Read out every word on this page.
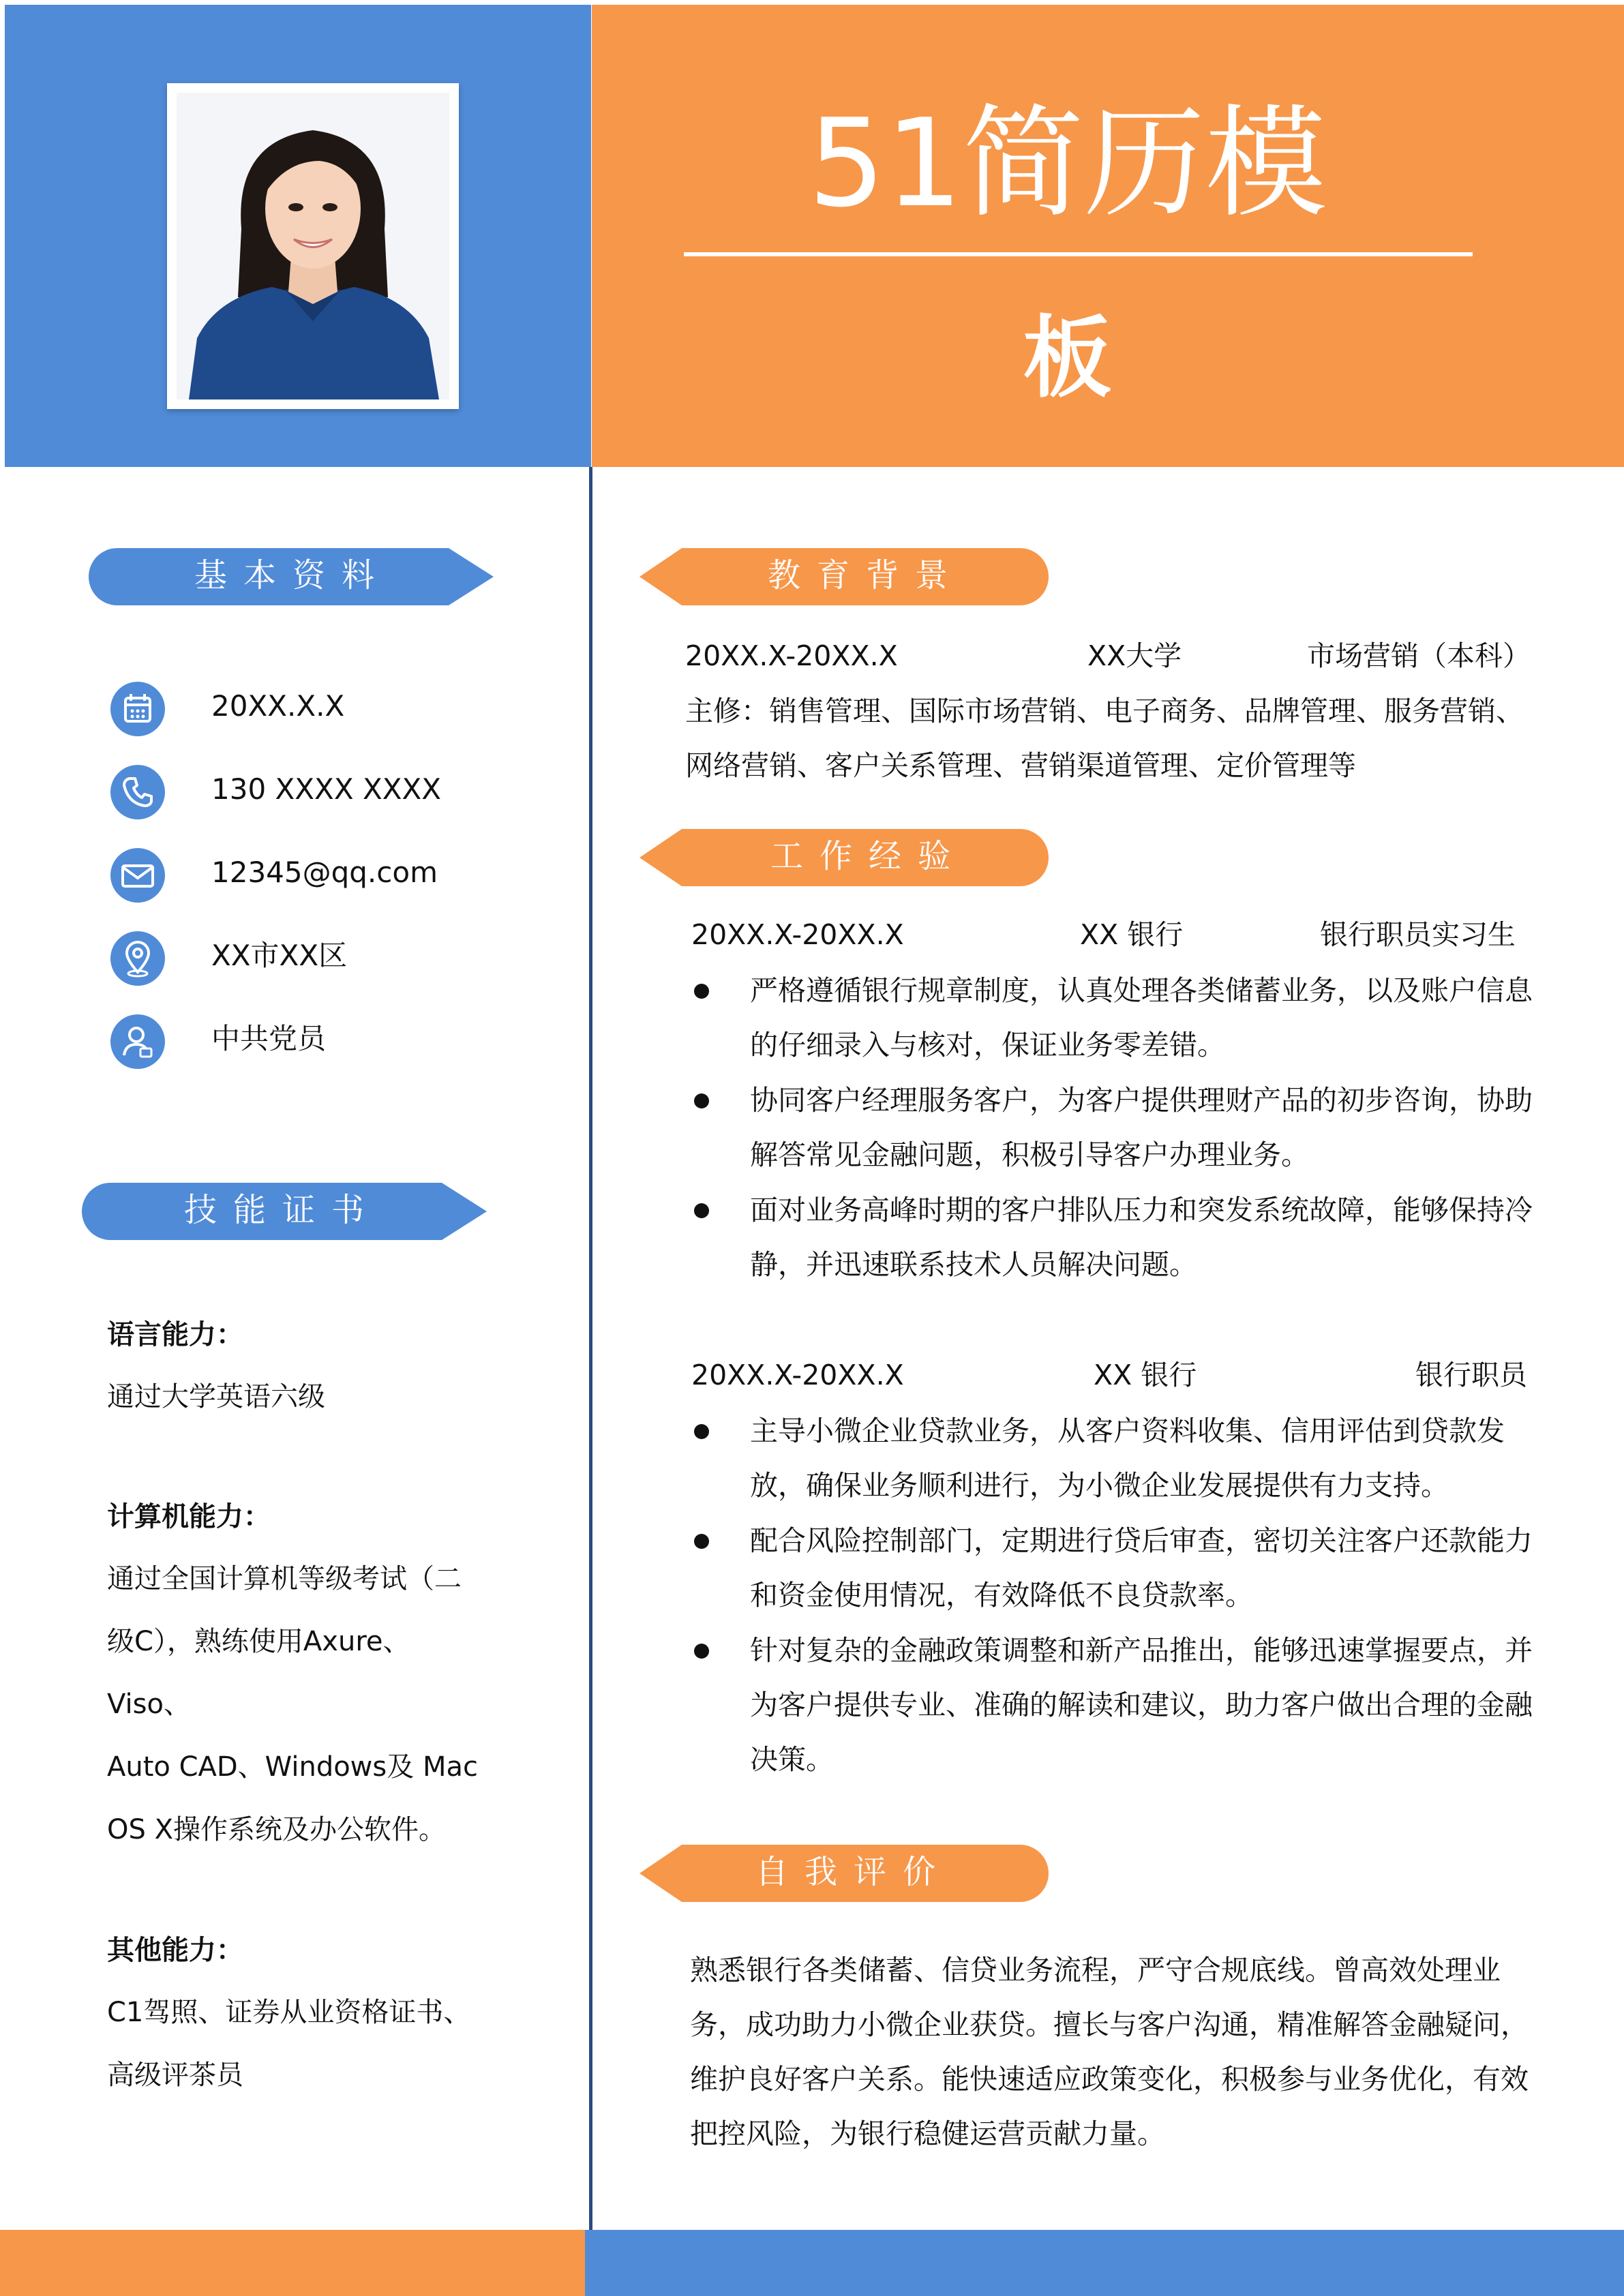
51简历模
板
基本资料
20XX.X.X
130 XXXX XXXX
12345@qq.com
XX市XX区
中共党员
技能证书
语言能力：
通过大学英语六级
计算机能力：
通过全国计算机等级考试（二
级C），熟练使用Axure、
Viso、
Auto CAD、Windows及 Mac
OS X操作系统及办公软件。
其他能力：
C1驾照、证券从业资格证书、
高级评茶员
教育背景
20XX.X-20XX.X	XX大学	市场营销（本科）
主修：销售管理、国际市场营销、电子商务、品牌管理、服务营销、网络营销、客户关系管理、营销渠道管理、定价管理等
工作经验
20XX.X-20XX.X	XX 银行	银行职员实习生
严格遵循银行规章制度，认真处理各类储蓄业务，以及账户信息的仔细录入与核对，保证业务零差错。
协同客户经理服务客户，为客户提供理财产品的初步咨询，协助解答常见金融问题，积极引导客户办理业务。
面对业务高峰时期的客户排队压力和突发系统故障，能够保持冷静，并迅速联系技术人员解决问题。
20XX.X-20XX.X	XX 银行	银行职员
主导小微企业贷款业务，从客户资料收集、信用评估到贷款发放，确保业务顺利进行，为小微企业发展提供有力支持。
配合风险控制部门，定期进行贷后审查，密切关注客户还款能力和资金使用情况，有效降低不良贷款率。
针对复杂的金融政策调整和新产品推出，能够迅速掌握要点，并为客户提供专业、准确的解读和建议，助力客户做出合理的金融决策。
自我评价
熟悉银行各类储蓄、信贷业务流程，严守合规底线。曾高效处理业务，成功助力小微企业获贷。擅长与客户沟通，精准解答金融疑问，维护良好客户关系。能快速适应政策变化，积极参与业务优化，有效把控风险，为银行稳健运营贡献力量。
